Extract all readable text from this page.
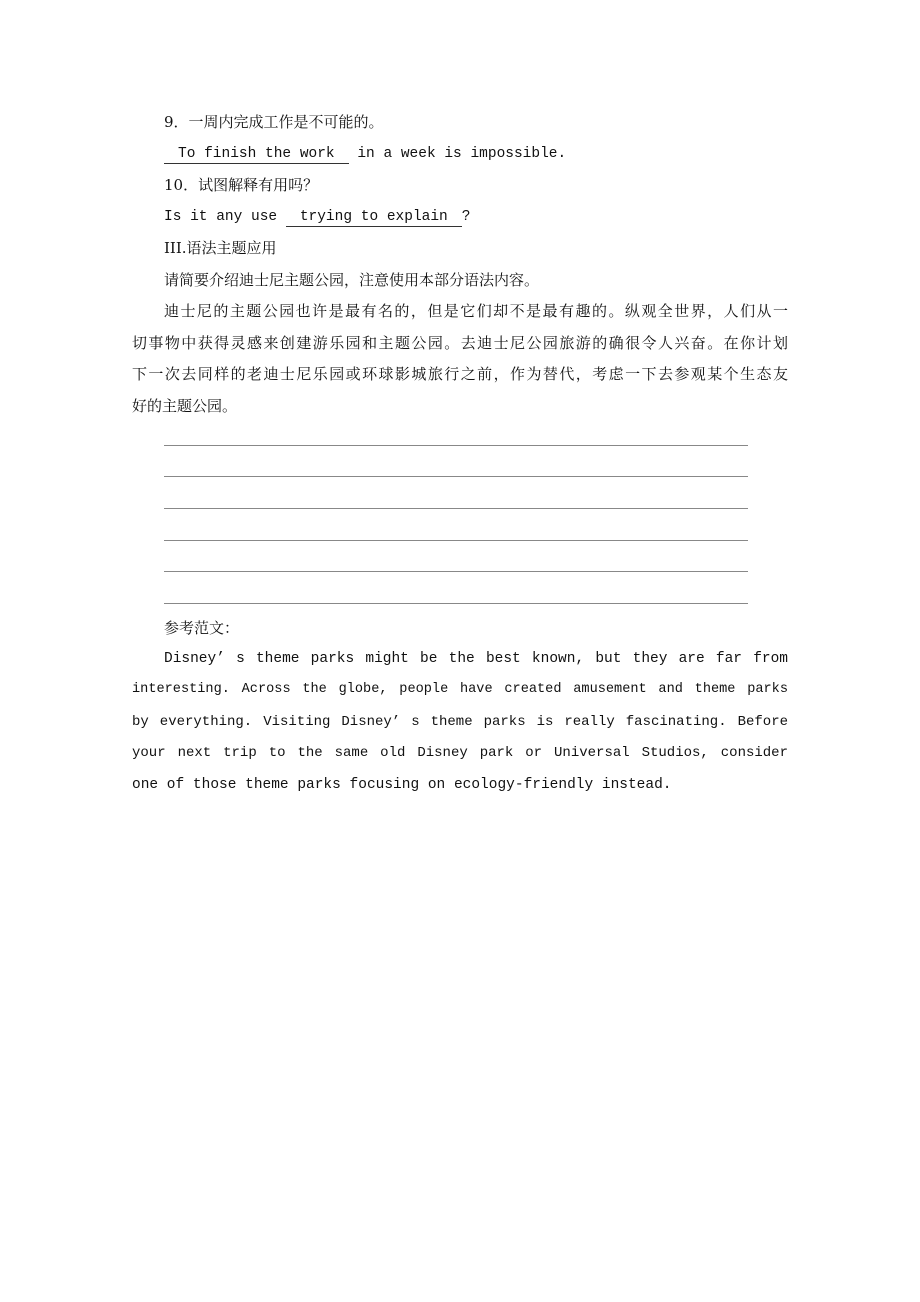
9．一周内完成工作是不可能的。
To finish the work in a week is impossible.
10．试图解释有用吗？
Is it any use trying to explain ?
III.语法主题应用
请简要介绍迪士尼主题公园，注意使用本部分语法内容。
迪士尼的主题公园也许是最有名的，但是它们却不是最有趣的。纵观全世界，人们从一
切事物中获得灵感来创建游乐园和主题公园。去迪士尼公园旅游的确很令人兴奋。在你计划
下一次去同样的老迪士尼乐园或环球影城旅行之前，作为替代，考虑一下去参观某个生态友
好的主题公园。
参考范文：
Disney’ s theme parks might be the best known, but they are far from
interesting. Across the globe, people have created amusement and theme parks
by everything. Visiting Disney’ s theme parks is really fascinating. Before
your next trip to the same old Disney park or Universal Studios, consider
one of those theme parks focusing on ecology-friendly instead.
